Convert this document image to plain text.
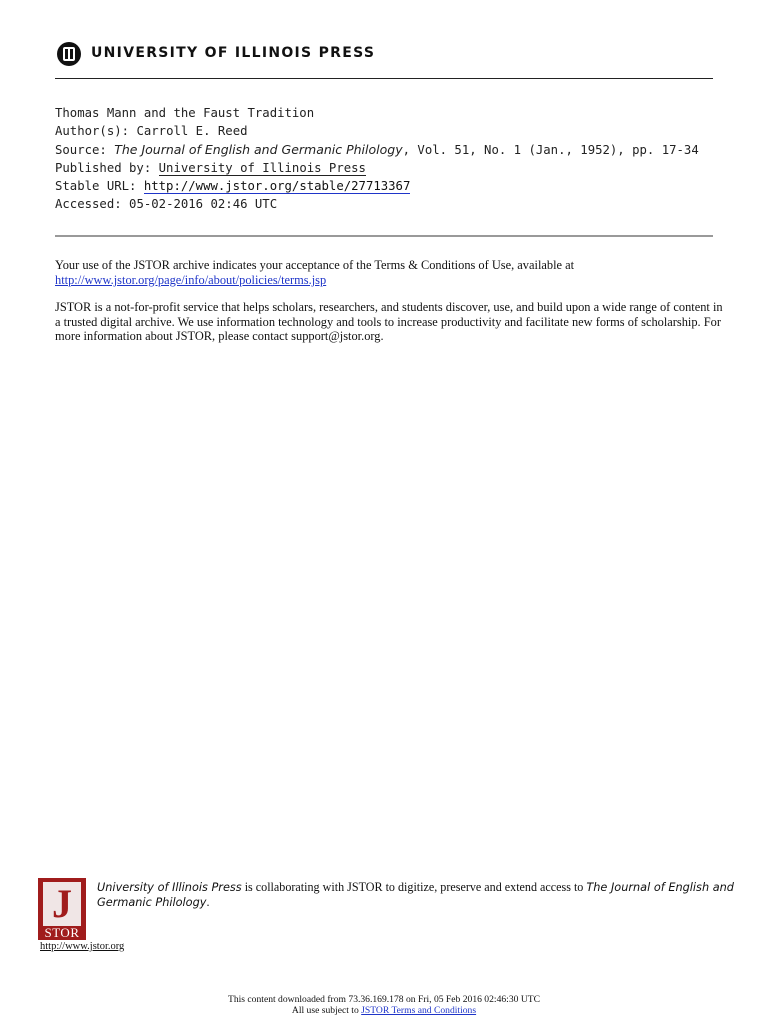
UNIVERSITY OF ILLINOIS PRESS
Thomas Mann and the Faust Tradition
Author(s): Carroll E. Reed
Source: The Journal of English and Germanic Philology, Vol. 51, No. 1 (Jan., 1952), pp. 17-34
Published by: University of Illinois Press
Stable URL: http://www.jstor.org/stable/27713367
Accessed: 05-02-2016 02:46 UTC
Your use of the JSTOR archive indicates your acceptance of the Terms & Conditions of Use, available at http://www.jstor.org/page/info/about/policies/terms.jsp
JSTOR is a not-for-profit service that helps scholars, researchers, and students discover, use, and build upon a wide range of content in a trusted digital archive. We use information technology and tools to increase productivity and facilitate new forms of scholarship. For more information about JSTOR, please contact support@jstor.org.
J
STOR
http://www.jstor.org
University of Illinois Press is collaborating with JSTOR to digitize, preserve and extend access to The Journal of English and Germanic Philology.
This content downloaded from 73.36.169.178 on Fri, 05 Feb 2016 02:46:30 UTC
All use subject to JSTOR Terms and Conditions
